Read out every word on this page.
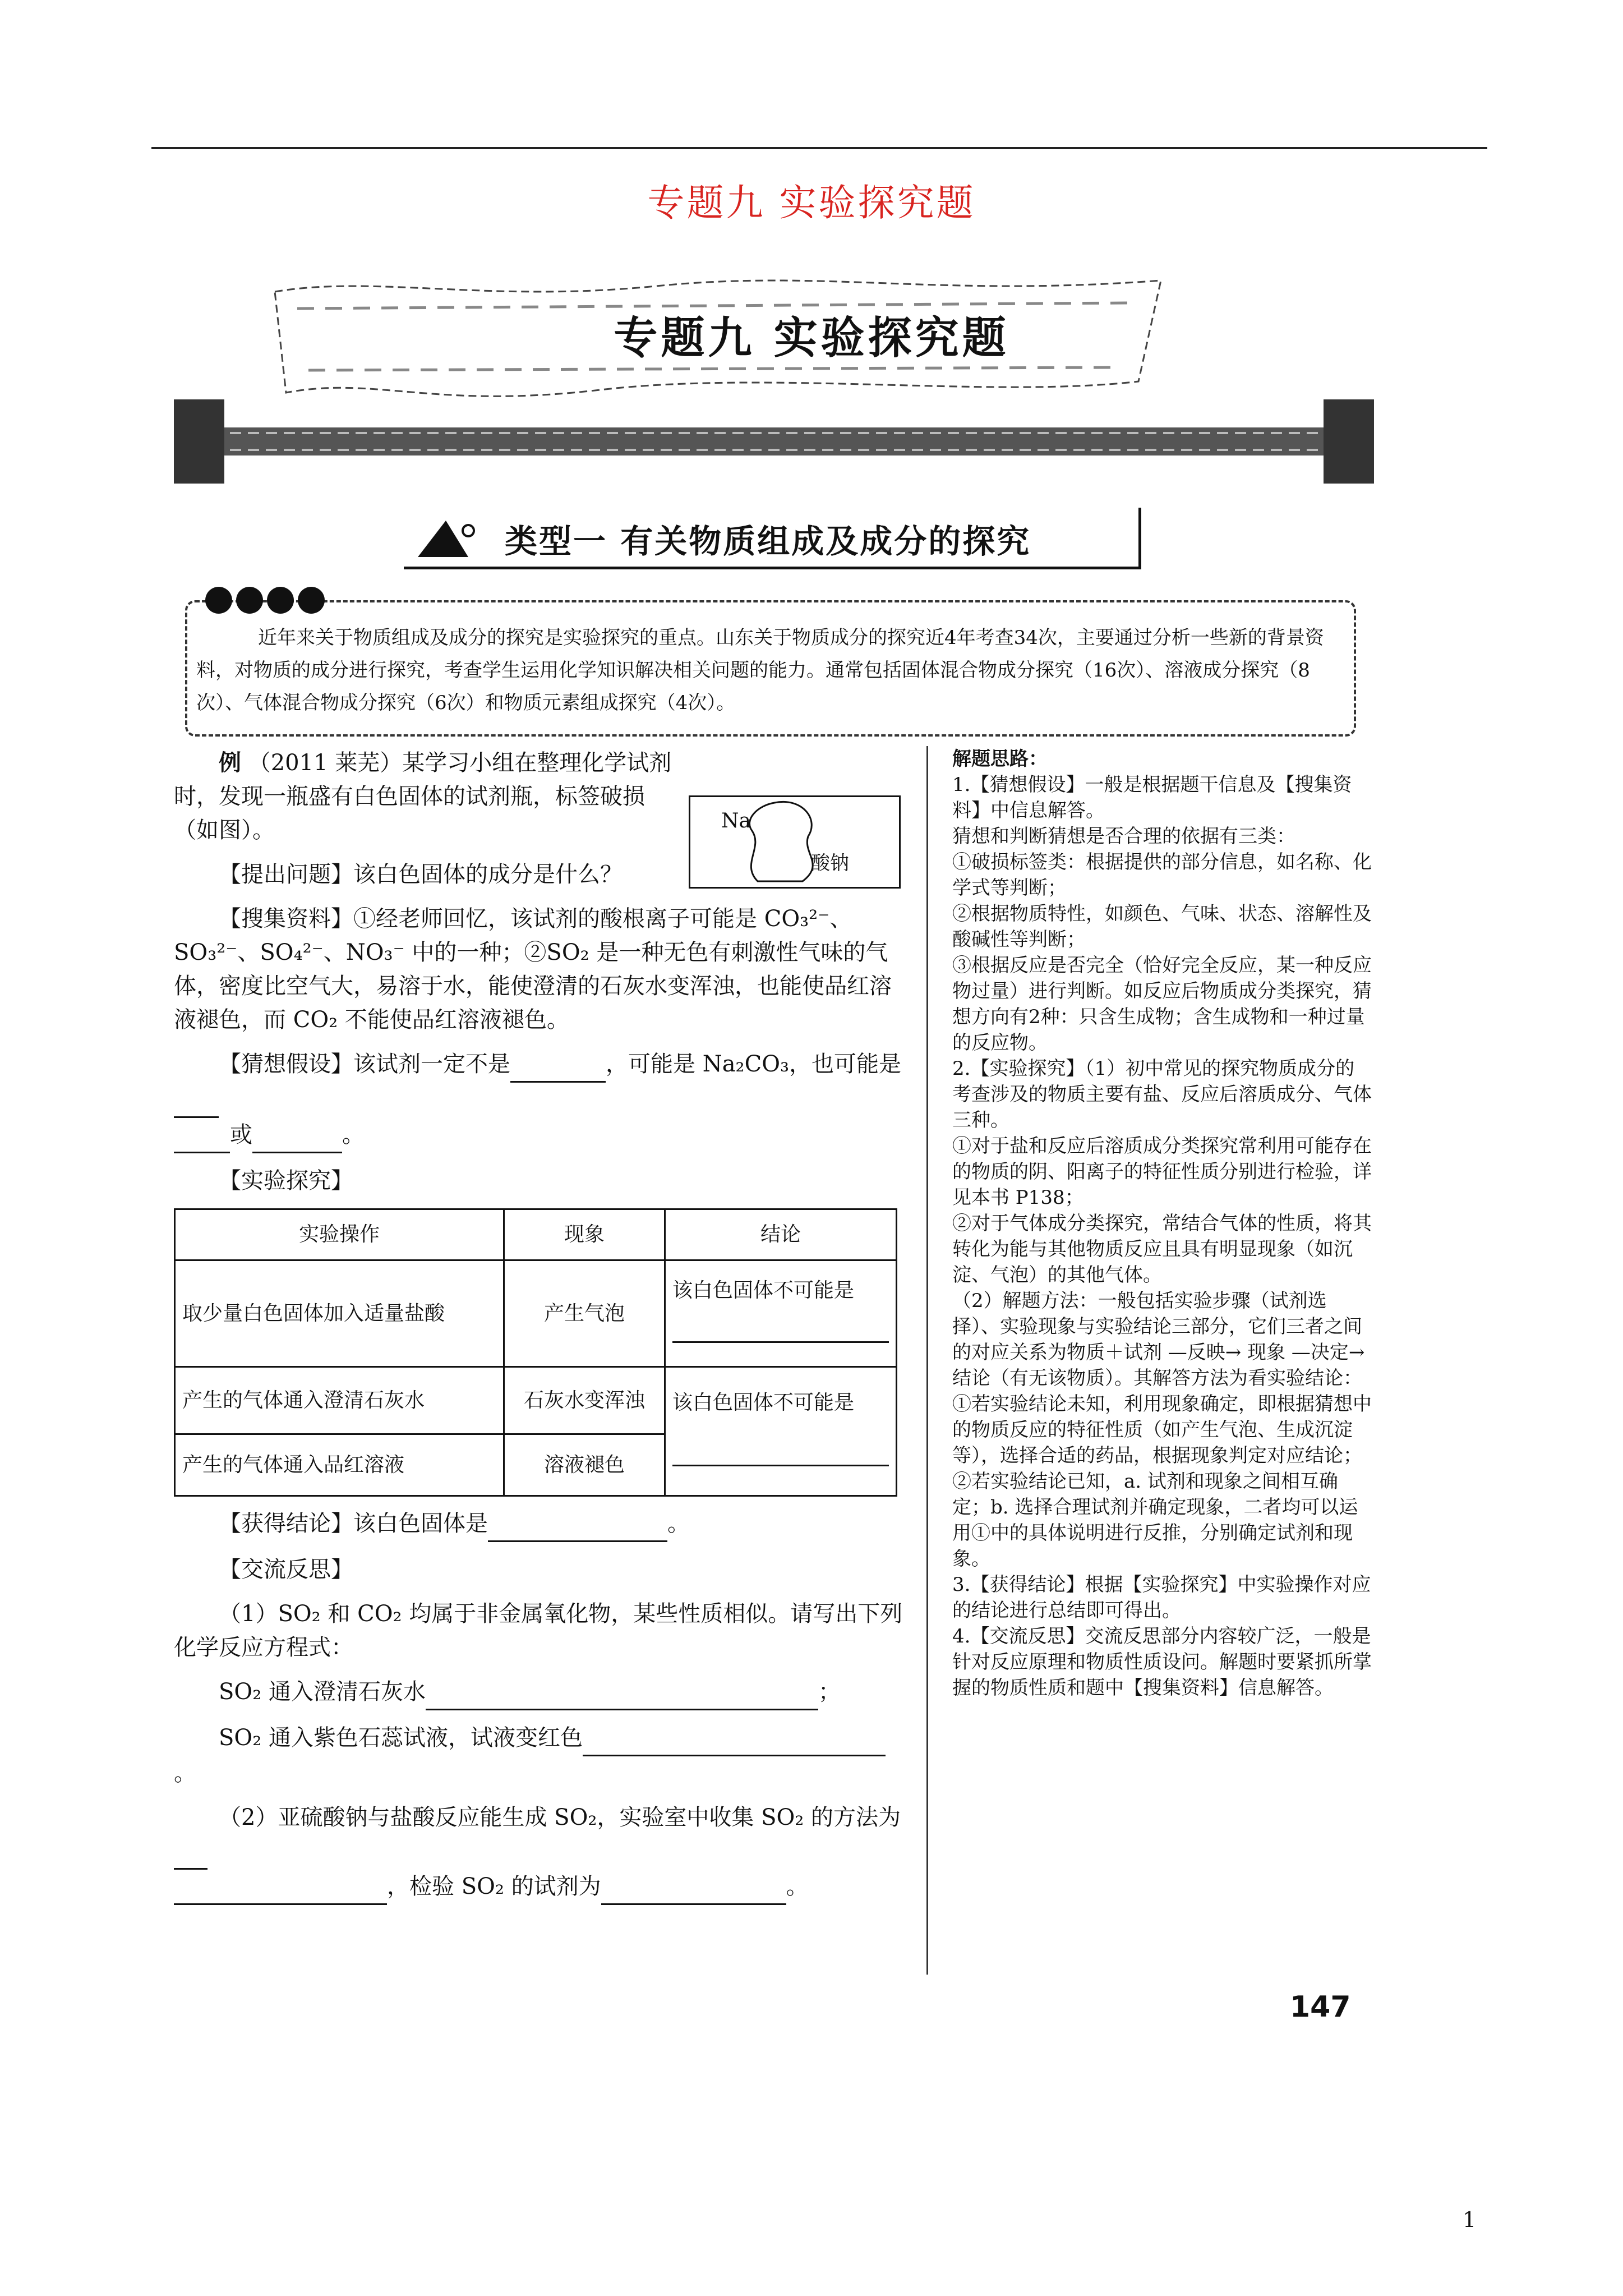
专题九 实验探究题
专题九 实验探究题
类型一 有关物质组成及成分的探究
近年来关于物质组成及成分的探究是实验探究的重点。山东关于物质成分的探究近4年考查34次，主要通过分析一些新的背景资料，对物质的成分进行探究，考查学生运用化学知识解决相关问题的能力。通常包括固体混合物成分探究（16次）、溶液成分探究（8次）、气体混合物成分探究（6次）和物质元素组成探究（4次）。
Na
酸钠

例 （2011 莱芜）某学习小组在整理化学试剂时，发现一瓶盛有白色固体的试剂瓶，标签破损（如图）。

【提出问题】该白色固体的成分是什么？

【搜集资料】①经老师回忆，该试剂的酸根离子可能是 CO₃²⁻、SO₃²⁻、SO₄²⁻、NO₃⁻ 中的一种；②SO₂ 是一种无色有刺激性气味的气体，密度比空气大，易溶于水，能使澄清的石灰水变浑浊，也能使品红溶液褪色，而 CO₂ 不能使品红溶液褪色。

【猜想假设】该试剂一定不是	，可能是 Na₂CO₃，也可能是
或	。

【实验探究】

实验操作	现象	结论
取少量白色固体加入适量盐酸	产生气泡	该白色固体不可能是

产生的气体通入澄清石灰水	石灰水变浑浊	该白色固体不可能是

产生的气体通入品红溶液	溶液褪色	

【获得结论】该白色固体是	。

【交流反思】

（1）SO₂ 和 CO₂ 均属于非金属氧化物，某些性质相似。请写出下列化学反应方程式：

SO₂ 通入澄清石灰水	；

SO₂ 通入紫色石蕊试液，试液变红色 。

（2）亚硫酸钠与盐酸反应能生成 SO₂，实验室中收集 SO₂ 的方法为
，检验 SO₂ 的试剂为	。

解题思路：

1.【猜想假设】一般是根据题干信息及【搜集资料】中信息解答。

猜想和判断猜想是否合理的依据有三类：

①破损标签类：根据提供的部分信息，如名称、化学式等判断；

②根据物质特性，如颜色、气味、状态、溶解性及酸碱性等判断；

③根据反应是否完全（恰好完全反应，某一种反应物过量）进行判断。如反应后物质成分类探究，猜想方向有2种：只含生成物；含生成物和一种过量的反应物。

2.【实验探究】（1）初中常见的探究物质成分的考查涉及的物质主要有盐、反应后溶质成分、气体三种。

①对于盐和反应后溶质成分类探究常利用可能存在的物质的阴、阳离子的特征性质分别进行检验，详见本书 P138；

②对于气体成分类探究，常结合气体的性质，将其转化为能与其他物质反应且具有明显现象（如沉淀、气泡）的其他气体。

（2）解题方法：一般包括实验步骤（试剂选择）、实验现象与实验结论三部分，它们三者之间的对应关系为物质＋试剂 —反映→ 现象 —决定→ 结论（有无该物质）。其解答方法为看实验结论：①若实验结论未知，利用现象确定，即根据猜想中的物质反应的特征性质（如产生气泡、生成沉淀等），选择合适的药品，根据现象判定对应结论；②若实验结论已知，a. 试剂和现象之间相互确定；b. 选择合理试剂并确定现象，二者均可以运用①中的具体说明进行反推，分别确定试剂和现象。

3.【获得结论】根据【实验探究】中实验操作对应的结论进行总结即可得出。

4.【交流反思】交流反思部分内容较广泛，一般是针对反应原理和物质性质设问。解题时要紧抓所掌握的物质性质和题中【搜集资料】信息解答。

147
1
